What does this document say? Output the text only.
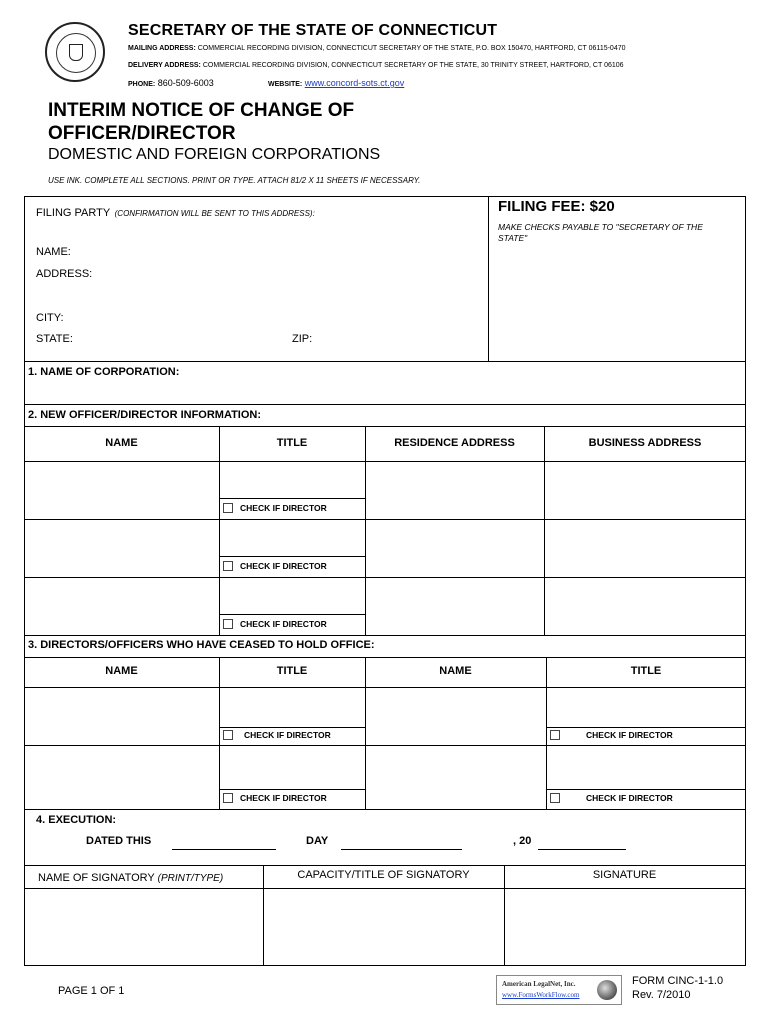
SECRETARY OF THE STATE OF CONNECTICUT
MAILING ADDRESS: COMMERCIAL RECORDING DIVISION, CONNECTICUT SECRETARY OF THE STATE, P.O. BOX 150470, HARTFORD, CT 06115-0470
DELIVERY ADDRESS: COMMERCIAL RECORDING DIVISION, CONNECTICUT SECRETARY OF THE STATE, 30 TRINITY STREET, HARTFORD, CT 06106
PHONE: 860-509-6003	WEBSITE: www.concord-sots.ct.gov
INTERIM NOTICE OF CHANGE OF OFFICER/DIRECTOR
DOMESTIC AND FOREIGN CORPORATIONS
USE INK. COMPLETE ALL SECTIONS. PRINT OR TYPE. ATTACH 81/2 X 11 SHEETS IF NECESSARY.
FILING PARTY (CONFIRMATION WILL BE SENT TO THIS ADDRESS):
NAME:
ADDRESS:
CITY:
STATE:	ZIP:
FILING FEE: $20
MAKE CHECKS PAYABLE TO "SECRETARY OF THE STATE"
1. NAME OF CORPORATION:
2. NEW OFFICER/DIRECTOR INFORMATION:
NAME	TITLE	RESIDENCE ADDRESS	BUSINESS ADDRESS
CHECK IF DIRECTOR
CHECK IF DIRECTOR
CHECK IF DIRECTOR
3. DIRECTORS/OFFICERS WHO HAVE CEASED TO HOLD OFFICE:
NAME	TITLE	NAME	TITLE
CHECK IF DIRECTOR	CHECK IF DIRECTOR
CHECK IF DIRECTOR	CHECK IF DIRECTOR
4. EXECUTION:
DATED THIS	DAY	, 20
NAME OF SIGNATORY (PRINT/TYPE)	CAPACITY/TITLE OF SIGNATORY	SIGNATURE
PAGE 1 OF 1
American LegalNet, Inc.
www.FormsWorkFlow.com
FORM CINC-1-1.0
Rev. 7/2010
